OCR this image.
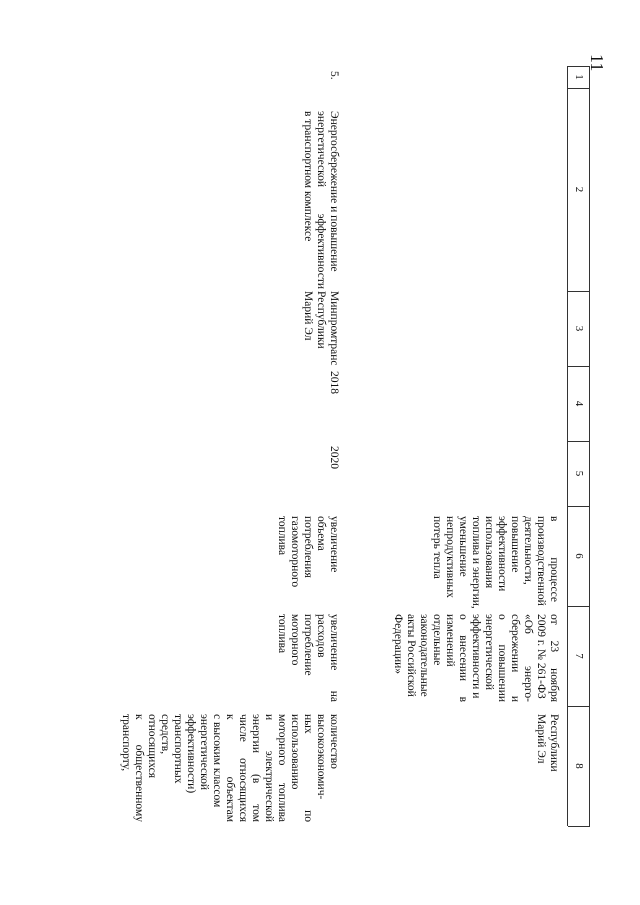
11
1
2
3
4
5
6
7
8
в процессе
производственной
деятельности,
повышение
эффективности
использования
топлива и энергии,
уменьшение
непродуктивных
потерь тепла
от 23 ноября
2009 г. № 261-ФЗ
«Об энерго-
сбережении и
о повышении
энергетической
эффективности и
о внесении в
изменений
отдельные
законодательные
акты Российской
Федерации»
Республики
Марий Эл
5.
Энергосбережение и повышение
энергетической эффективности
в транспортном комплексе
Минпромтранс
Республики
Марий Эл
2018
2020
увеличение объема
потребления
газомоторного
топлива
увеличение на
расходов
потребление
моторного
топлива
количество
высокоэкономич-
ных по
использованию
моторного топлива
и электрической
энергии (в том
числе относящихся
к объектам
с высоким классом
энергетической
эффективности)
транспортных
средств,
относящихся
к общественному
транспорту,
